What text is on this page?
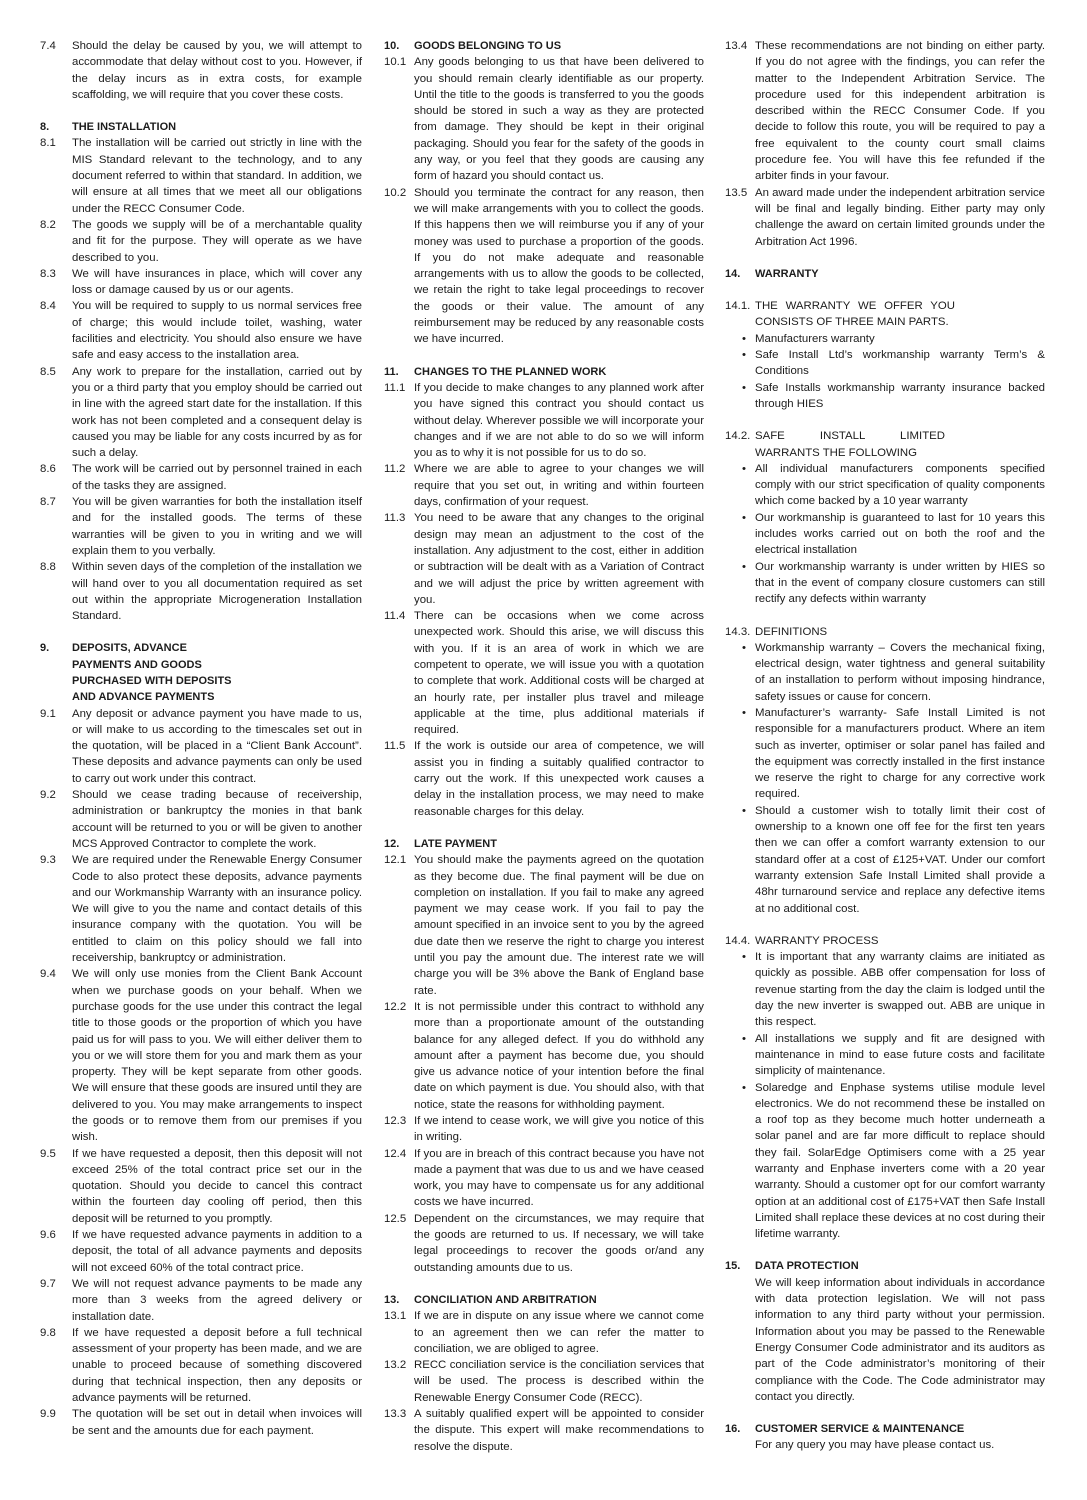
7.4 Should the delay be caused by you, we will attempt to accommodate that delay without cost to you. However, if the delay incurs as in extra costs, for example scaffolding, we will require that you cover these costs.
8. THE INSTALLATION
8.1 The installation will be carried out strictly in line with the MIS Standard relevant to the technology, and to any document referred to within that standard. In addition, we will ensure at all times that we meet all our obligations under the RECC Consumer Code.
8.2 The goods we supply will be of a merchantable quality and fit for the purpose. They will operate as we have described to you.
8.3 We will have insurances in place, which will cover any loss or damage caused by us or our agents.
8.4 You will be required to supply to us normal services free of charge; this would include toilet, washing, water facilities and electricity. You should also ensure we have safe and easy access to the installation area.
8.5 Any work to prepare for the installation, carried out by you or a third party that you employ should be carried out in line with the agreed start date for the installation. If this work has not been completed and a consequent delay is caused you may be liable for any costs incurred by as for such a delay.
8.6 The work will be carried out by personnel trained in each of the tasks they are assigned.
8.7 You will be given warranties for both the installation itself and for the installed goods. The terms of these warranties will be given to you in writing and we will explain them to you verbally.
8.8 Within seven days of the completion of the installation we will hand over to you all documentation required as set out within the appropriate Microgeneration Installation Standard.
9. DEPOSITS, ADVANCE PAYMENTS AND GOODS PURCHASED WITH DEPOSITS AND ADVANCE PAYMENTS
9.1 Any deposit or advance payment you have made to us, or will make to us according to the timescales set out in the quotation, will be placed in a “Client Bank Account”. These deposits and advance payments can only be used to carry out work under this contract.
9.2 Should we cease trading because of receivership, administration or bankruptcy the monies in that bank account will be returned to you or will be given to another MCS Approved Contractor to complete the work.
9.3 We are required under the Renewable Energy Consumer Code to also protect these deposits, advance payments and our Workmanship Warranty with an insurance policy. We will give to you the name and contact details of this insurance company with the quotation. You will be entitled to claim on this policy should we fall into receivership, bankruptcy or administration.
9.4 We will only use monies from the Client Bank Account when we purchase goods on your behalf. When we purchase goods for the use under this contract the legal title to those goods or the proportion of which you have paid us for will pass to you. We will either deliver them to you or we will store them for you and mark them as your property. They will be kept separate from other goods. We will ensure that these goods are insured until they are delivered to you. You may make arrangements to inspect the goods or to remove them from our premises if you wish.
9.5 If we have requested a deposit, then this deposit will not exceed 25% of the total contract price set our in the quotation. Should you decide to cancel this contract within the fourteen day cooling off period, then this deposit will be returned to you promptly.
9.6 If we have requested advance payments in addition to a deposit, the total of all advance payments and deposits will not exceed 60% of the total contract price.
9.7 We will not request advance payments to be made any more than 3 weeks from the agreed delivery or installation date.
9.8 If we have requested a deposit before a full technical assessment of your property has been made, and we are unable to proceed because of something discovered during that technical inspection, then any deposits or advance payments will be returned.
9.9 The quotation will be set out in detail when invoices will be sent and the amounts due for each payment.
10. GOODS BELONGING TO US
10.1 Any goods belonging to us that have been delivered to you should remain clearly identifiable as our property. Until the title to the goods is transferred to you the goods should be stored in such a way as they are protected from damage. They should be kept in their original packaging. Should you fear for the safety of the goods in any way, or you feel that they goods are causing any form of hazard you should contact us.
10.2 Should you terminate the contract for any reason, then we will make arrangements with you to collect the goods. If this happens then we will reimburse you if any of your money was used to purchase a proportion of the goods. If you do not make adequate and reasonable arrangements with us to allow the goods to be collected, we retain the right to take legal proceedings to recover the goods or their value. The amount of any reimbursement may be reduced by any reasonable costs we have incurred.
11. CHANGES TO THE PLANNED WORK
11.1 If you decide to make changes to any planned work after you have signed this contract you should contact us without delay. Wherever possible we will incorporate your changes and if we are not able to do so we will inform you as to why it is not possible for us to do so.
11.2 Where we are able to agree to your changes we will require that you set out, in writing and within fourteen days, confirmation of your request.
11.3 You need to be aware that any changes to the original design may mean an adjustment to the cost of the installation. Any adjustment to the cost, either in addition or subtraction will be dealt with as a Variation of Contract and we will adjust the price by written agreement with you.
11.4 There can be occasions when we come across unexpected work. Should this arise, we will discuss this with you. If it is an area of work in which we are competent to operate, we will issue you with a quotation to complete that work. Additional costs will be charged at an hourly rate, per installer plus travel and mileage applicable at the time, plus additional materials if required.
11.5 If the work is outside our area of competence, we will assist you in finding a suitably qualified contractor to carry out the work. If this unexpected work causes a delay in the installation process, we may need to make reasonable charges for this delay.
12. LATE PAYMENT
12.1 You should make the payments agreed on the quotation as they become due. The final payment will be due on completion on installation. If you fail to make any agreed payment we may cease work. If you fail to pay the amount specified in an invoice sent to you by the agreed due date then we reserve the right to charge you interest until you pay the amount due. The interest rate we will charge you will be 3% above the Bank of England base rate.
12.2 It is not permissible under this contract to withhold any more than a proportionate amount of the outstanding balance for any alleged defect. If you do withhold any amount after a payment has become due, you should give us advance notice of your intention before the final date on which payment is due. You should also, with that notice, state the reasons for withholding payment.
12.3 If we intend to cease work, we will give you notice of this in writing.
12.4 If you are in breach of this contract because you have not made a payment that was due to us and we have ceased work, you may have to compensate us for any additional costs we have incurred.
12.5 Dependent on the circumstances, we may require that the goods are returned to us. If necessary, we will take legal proceedings to recover the goods or/and any outstanding amounts due to us.
13. CONCILIATION AND ARBITRATION
13.1 If we are in dispute on any issue where we cannot come to an agreement then we can refer the matter to conciliation, we are obliged to agree.
13.2 RECC conciliation service is the conciliation services that will be used. The process is described within the Renewable Energy Consumer Code (RECC).
13.3 A suitably qualified expert will be appointed to consider the dispute. This expert will make recommendations to resolve the dispute.
13.4 These recommendations are not binding on either party. If you do not agree with the findings, you can refer the matter to the Independent Arbitration Service. The procedure used for this independent arbitration is described within the RECC Consumer Code. If you decide to follow this route, you will be required to pay a free equivalent to the county court small claims procedure fee. You will have this fee refunded if the arbiter finds in your favour.
13.5 An award made under the independent arbitration service will be final and legally binding. Either party may only challenge the award on certain limited grounds under the Arbitration Act 1996.
14. WARRANTY
14.1. THE WARRANTY WE OFFER YOU CONSISTS OF THREE MAIN PARTS.
• Manufacturers warranty
• Safe Install Ltd’s workmanship warranty Term’s & Conditions
• Safe Installs workmanship warranty insurance backed through HIES
14.2. SAFE INSTALL LIMITED WARRANTS THE FOLLOWING
• All individual manufacturers components specified comply with our strict specification of quality components which come backed by a 10 year warranty
• Our workmanship is guaranteed to last for 10 years this includes works carried out on both the roof and the electrical installation
• Our workmanship warranty is under written by HIES so that in the event of company closure customers can still rectify any defects within warranty
14.3. DEFINITIONS
• Workmanship warranty – Covers the mechanical fixing, electrical design, water tightness and general suitability of an installation to perform without imposing hindrance, safety issues or cause for concern.
• Manufacturer’s warranty- Safe Install Limited is not responsible for a manufacturers product. Where an item such as inverter, optimiser or solar panel has failed and the equipment was correctly installed in the first instance we reserve the right to charge for any corrective work required.
• Should a customer wish to totally limit their cost of ownership to a known one off fee for the first ten years then we can offer a comfort warranty extension to our standard offer at a cost of £125+VAT. Under our comfort warranty extension Safe Install Limited shall provide a 48hr turnaround service and replace any defective items at no additional cost.
14.4. WARRANTY PROCESS
• It is important that any warranty claims are initiated as quickly as possible. ABB offer compensation for loss of revenue starting from the day the claim is lodged until the day the new inverter is swapped out. ABB are unique in this respect.
• All installations we supply and fit are designed with maintenance in mind to ease future costs and facilitate simplicity of maintenance.
• Solaredge and Enphase systems utilise module level electronics. We do not recommend these be installed on a roof top as they become much hotter underneath a solar panel and are far more difficult to replace should they fail. SolarEdge Optimisers come with a 25 year warranty and Enphase inverters come with a 20 year warranty. Should a customer opt for our comfort warranty option at an additional cost of £175+VAT then Safe Install Limited shall replace these devices at no cost during their lifetime warranty.
15. DATA PROTECTION
We will keep information about individuals in accordance with data protection legislation. We will not pass information to any third party without your permission. Information about you may be passed to the Renewable Energy Consumer Code administrator and its auditors as part of the Code administrator’s monitoring of their compliance with the Code. The Code administrator may contact you directly.
16. CUSTOMER SERVICE & MAINTENANCE
For any query you may have please contact us.
